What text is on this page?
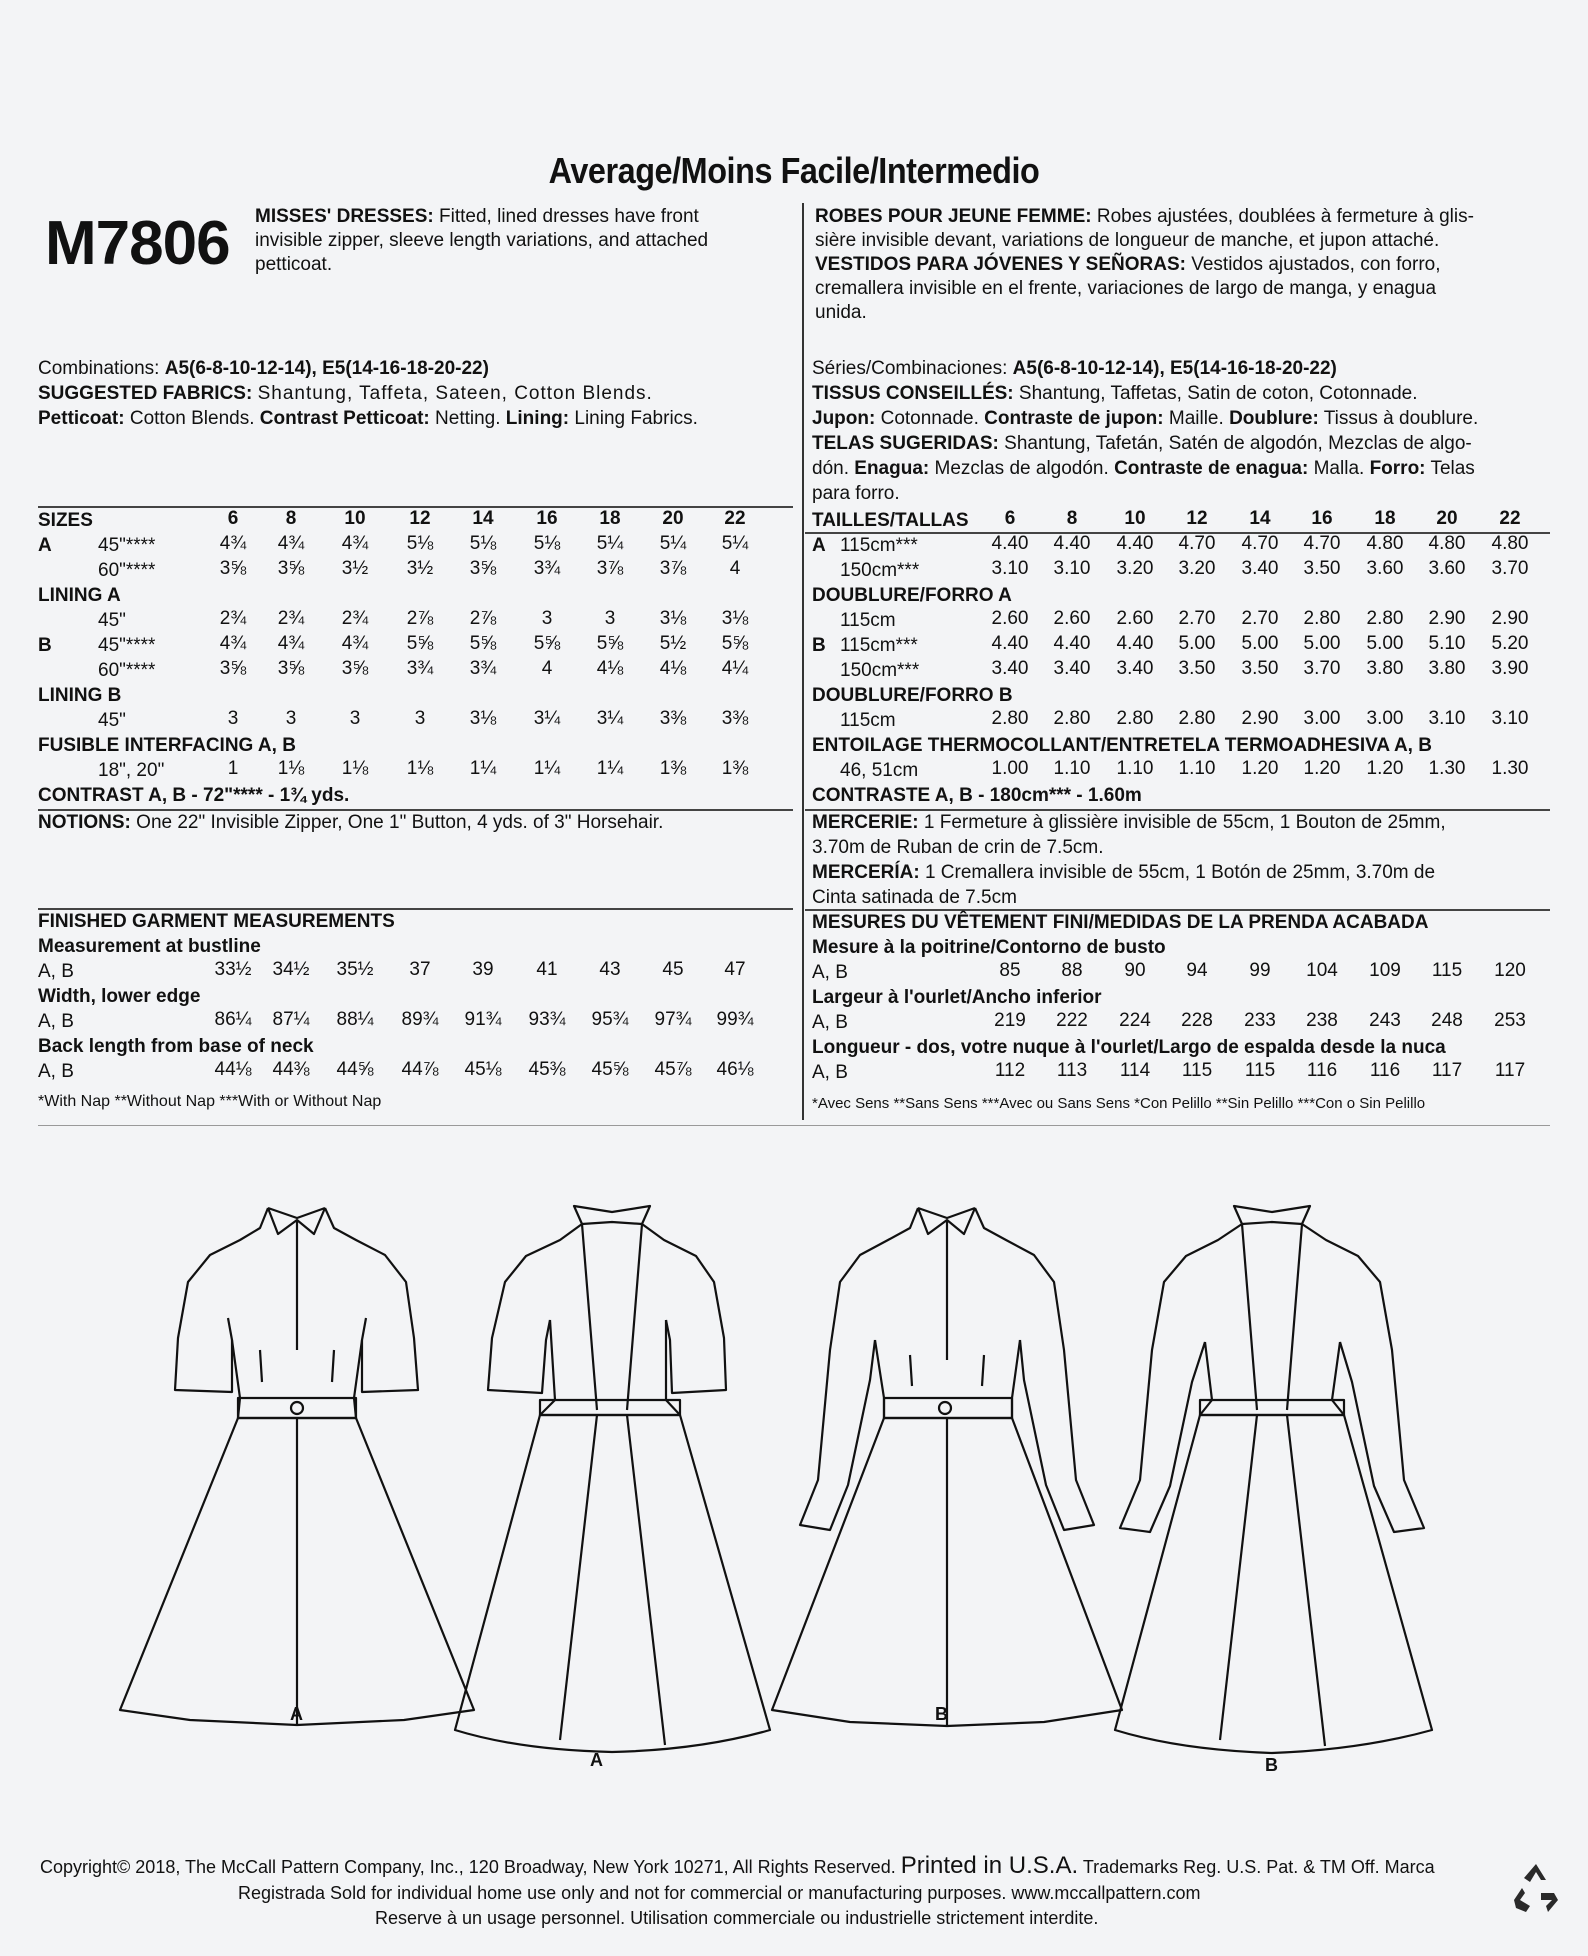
Average/Moins Facile/Intermedio
M7806 MISSES' DRESSES: Fitted, lined dresses have front
invisible zipper, sleeve length variations, and attached
petticoat.
ROBES POUR JEUNE FEMME: Robes ajustées, doublées à fermeture à glis-
sière invisible devant, variations de longueur de manche, et jupon attaché.
VESTIDOS PARA JÓVENES Y SEÑORAS: Vestidos ajustados, con forro,
cremallera invisible en el frente, variaciones de largo de manga, y enagua
unida.
Combinations: A5(6-8-10-12-14), E5(14-16-18-20-22)
SUGGESTED FABRICS: Shantung, Taffeta, Sateen, Cotton Blends.
Petticoat: Cotton Blends. Contrast Petticoat: Netting. Lining: Lining Fabrics.
SIZES	6	8	10	12	14	16	18	20	22
A 45"****	4¾	4¾	4¾	5⅛	5⅛	5⅛	5¼	5¼	5¼
60"****	3⅝	3⅝	3½	3½	3⅝	3¾	3⅞	3⅞	4
LINING A
45"	2¾	2¾	2¾	2⅞	2⅞	3	3	3⅛	3⅛
B 45"****	4¾	4¾	4¾	5⅝	5⅝	5⅝	5⅝	5½	5⅝
60"****	3⅝	3⅝	3⅝	3¾	3¾	4	4⅛	4⅛	4¼
LINING B
45"	3	3	3	3	3⅛	3¼	3¼	3⅜	3⅜
FUSIBLE INTERFACING A, B
18", 20"	1	1⅛	1⅛	1⅛	1¼	1¼	1¼	1⅜	1⅜
CONTRAST A, B - 72"**** - 1¾ yds.
NOTIONS: One 22" Invisible Zipper, One 1" Button, 4 yds. of 3" Horsehair.
FINISHED GARMENT MEASUREMENTS
Measurement at bustline
A, B	33½	34½	35½	37	39	41	43	45	47
Width, lower edge
A, B	86¼	87¼	88¼	89¾	91¾	93¾	95¾	97¾	99¾
Back length from base of neck
A, B	44⅛	44⅜	44⅝	44⅞	45⅛	45⅜	45⅝	45⅞	46⅛
*With Nap **Without Nap ***With or Without Nap
Séries/Combinaciones: A5(6-8-10-12-14), E5(14-16-18-20-22)
TISSUS CONSEILLÉS: Shantung, Taffetas, Satin de coton, Cotonnade.
Jupon: Cotonnade. Contraste de jupon: Maille. Doublure: Tissus à doublure.
TELAS SUGERIDAS: Shantung, Tafetán, Satén de algodón, Mezclas de algo-
dón. Enagua: Mezclas de algodón. Contraste de enagua: Malla. Forro: Telas
para forro.
TAILLES/TALLAS	6	8	10	12	14	16	18	20	22
A 115cm***	4.40	4.40	4.40	4.70	4.70	4.70	4.80	4.80	4.80
150cm***	3.10	3.10	3.20	3.20	3.40	3.50	3.60	3.60	3.70
DOUBLURE/FORRO A
115cm	2.60	2.60	2.60	2.70	2.70	2.80	2.80	2.90	2.90
B 115cm***	4.40	4.40	4.40	5.00	5.00	5.00	5.00	5.10	5.20
150cm***	3.40	3.40	3.40	3.50	3.50	3.70	3.80	3.80	3.90
DOUBLURE/FORRO B
115cm	2.80	2.80	2.80	2.80	2.90	3.00	3.00	3.10	3.10
ENTOILAGE THERMOCOLLANT/ENTRETELA TERMOADHESIVA A, B
46, 51cm	1.00	1.10	1.10	1.10	1.20	1.20	1.20	1.30	1.30
CONTRASTE A, B - 180cm*** - 1.60m
MERCERIE: 1 Fermeture à glissière invisible de 55cm, 1 Bouton de 25mm,
3.70m de Ruban de crin de 7.5cm.
MERCERÍA: 1 Cremallera invisible de 55cm, 1 Botón de 25mm, 3.70m de
Cinta satinada de 7.5cm
MESURES DU VÊTEMENT FINI/MEDIDAS DE LA PRENDA ACABADA
Mesure à la poitrine/Contorno de busto
A, B	85	88	90	94	99	104	109	115	120
Largeur à l'ourlet/Ancho inferior
A, B	219	222	224	228	233	238	243	248	253
Longueur - dos, votre nuque à l'ourlet/Largo de espalda desde la nuca
A, B	112	113	114	115	115	116	116	117	117
*Avec Sens **Sans Sens ***Avec ou Sans Sens *Con Pelillo **Sin Pelillo ***Con o Sin Pelillo
A
A
B
B
Copyright© 2018, The McCall Pattern Company, Inc., 120 Broadway, New York 10271, All Rights Reserved. Printed in U.S.A. Trademarks Reg. U.S. Pat. & TM Off. Marca
Registrada Sold for individual home use only and not for commercial or manufacturing purposes. www.mccallpattern.com
Reserve à un usage personnel. Utilisation commerciale ou industrielle strictement interdite.
